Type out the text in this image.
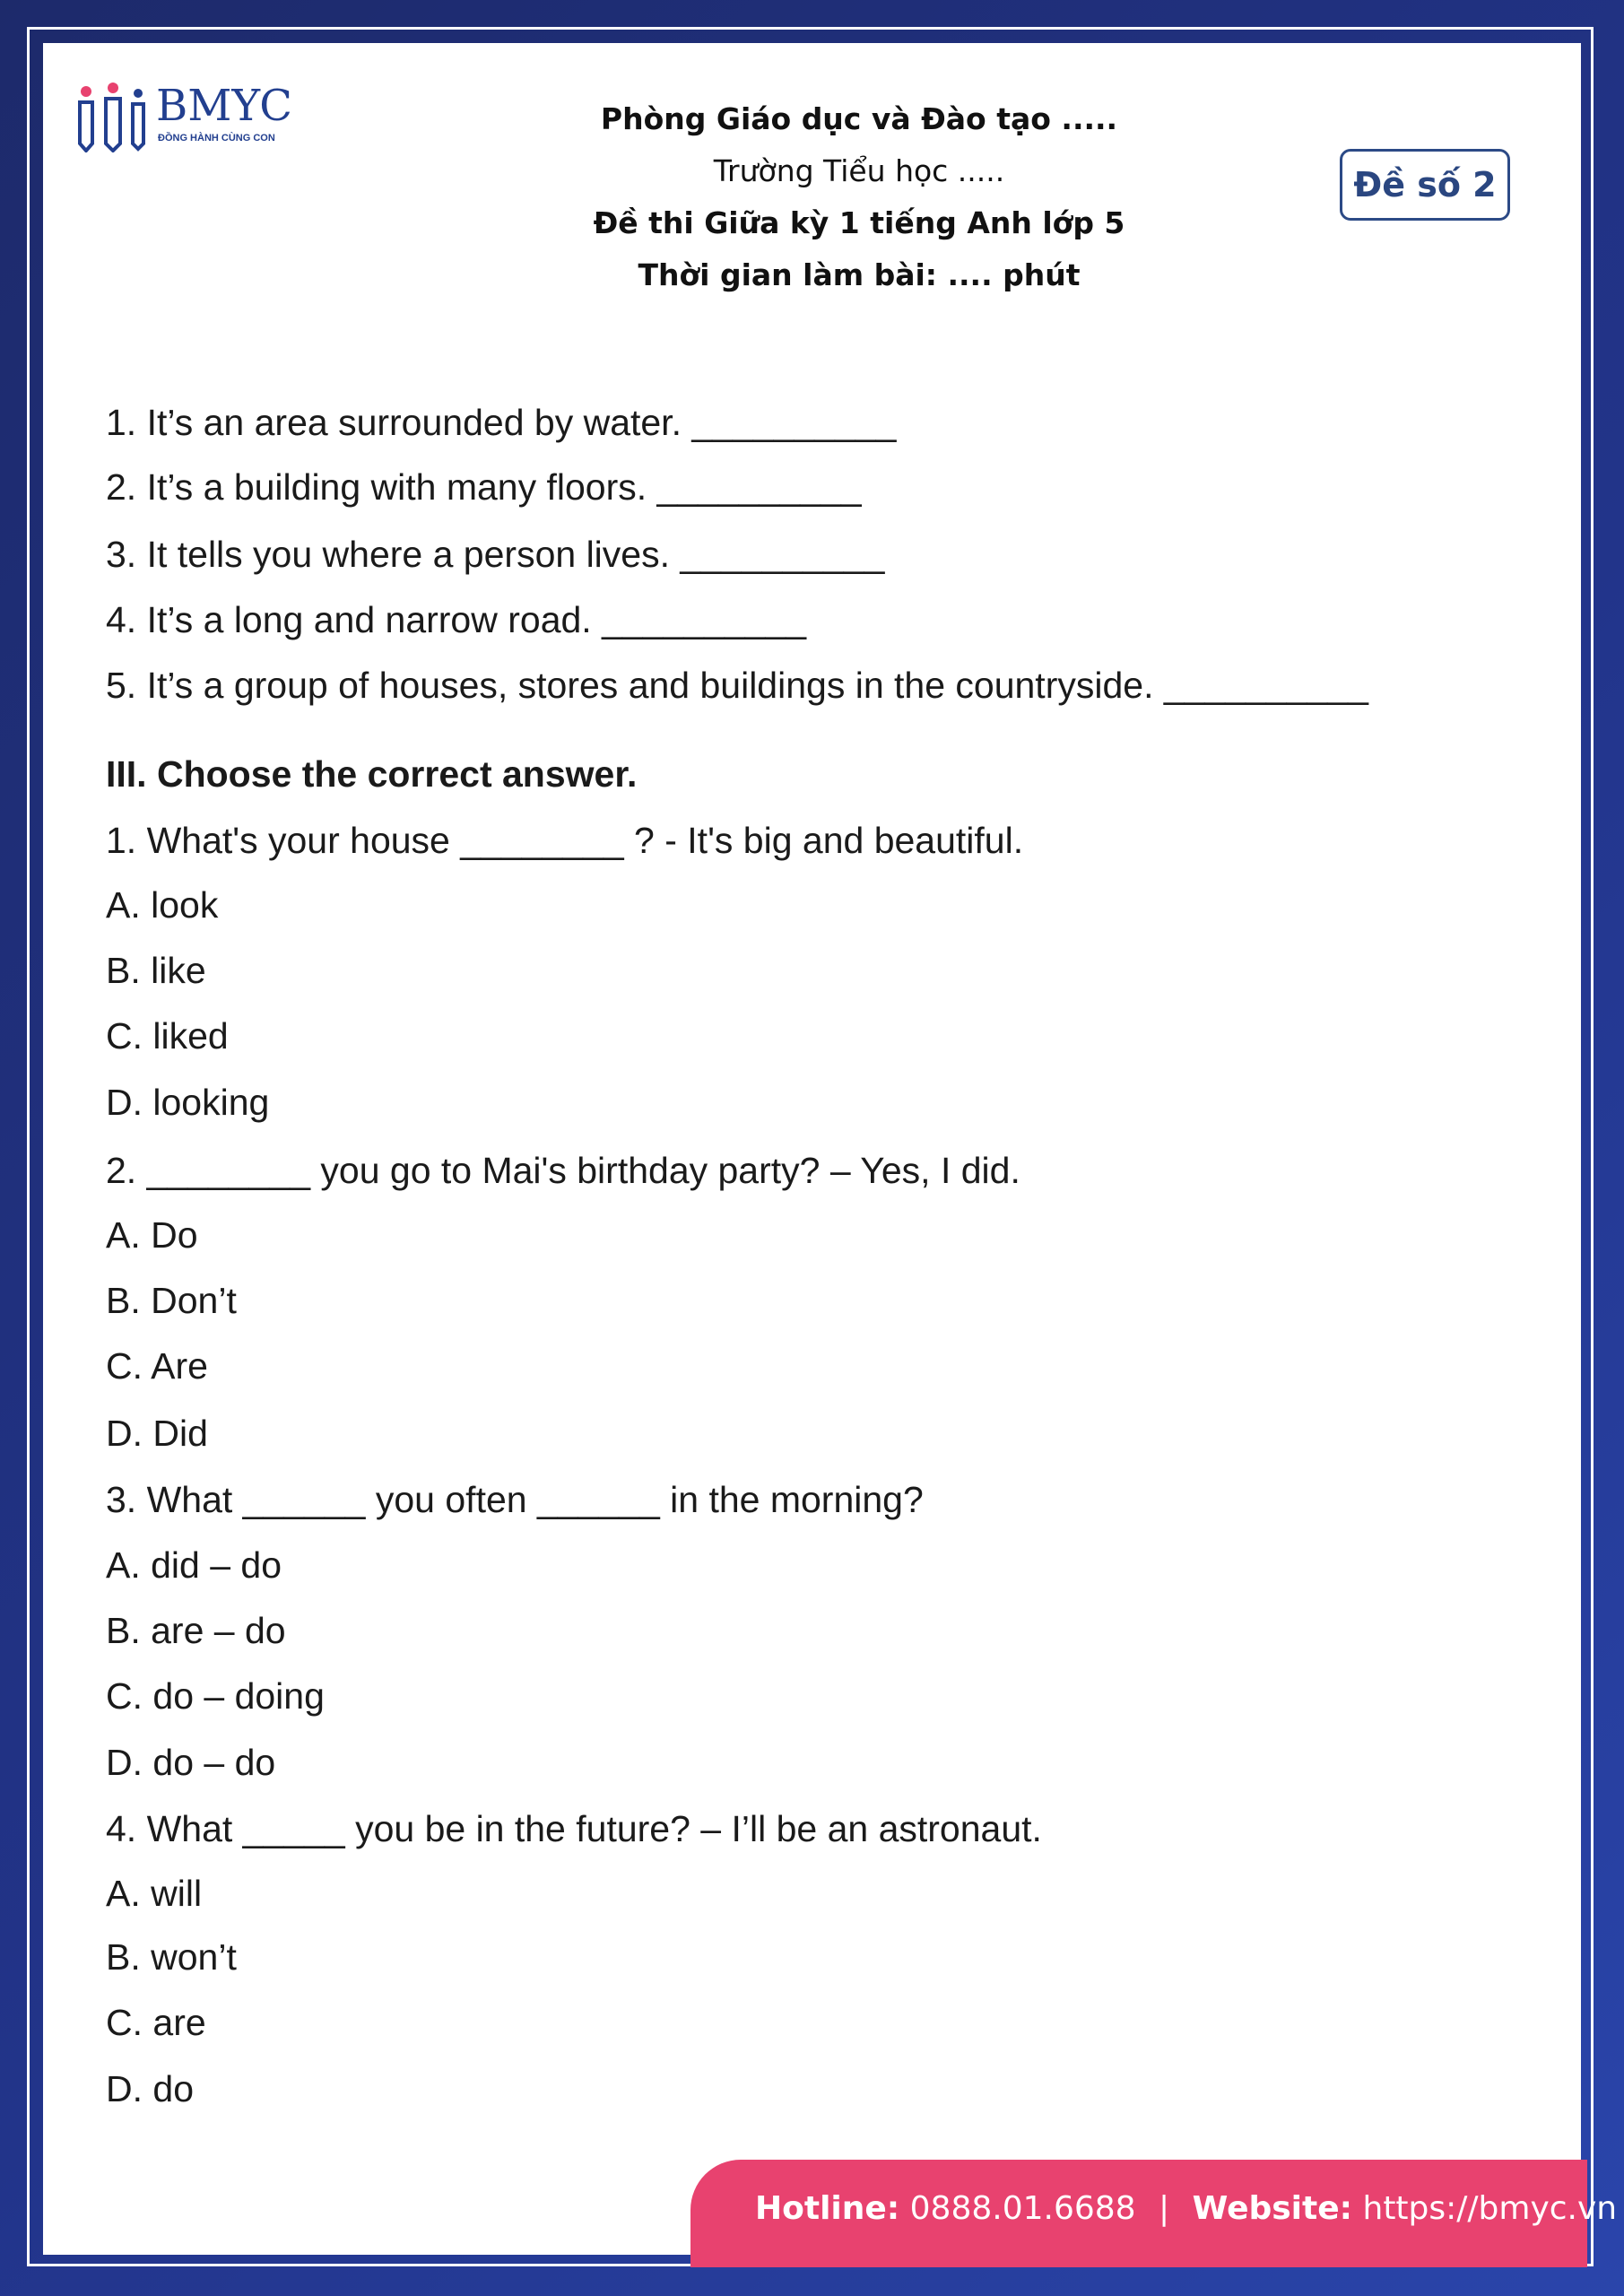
BMYC
ĐỒNG HÀNH CÙNG CON
Phòng Giáo dục và Đào tạo .....
Trường Tiểu học .....
Đề thi Giữa kỳ 1 tiếng Anh lớp 5
Thời gian làm bài: .... phút
Đề số 2
1. It’s an area surrounded by water. __________
2. It’s a building with many floors. __________
3. It tells you where a person lives. __________
4. It’s a long and narrow road. __________
5. It’s a group of houses, stores and buildings in the countryside. __________
III. Choose the correct answer.
1. What's your house ________ ? - It's big and beautiful.
A. look
B. like
C. liked
D. looking
2. ________ you go to Mai's birthday party? – Yes, I did.
A. Do
B. Don’t
C. Are
D. Did
3. What ______ you often ______ in the morning?
A. did – do
B. are – do
C. do – doing
D. do – do
4. What _____ you be in the future? – I’ll be an astronaut.
A. will
B. won’t
C. are
D. do
Hotline: 0888.01.6688 | Website: https://bmyc.vn
